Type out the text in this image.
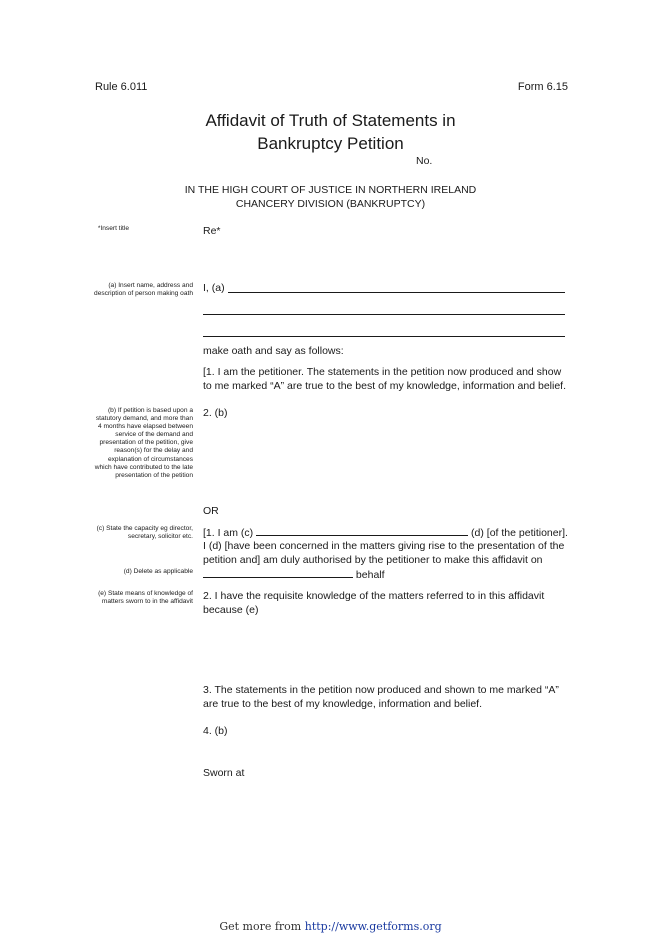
Rule 6.011	Form 6.15
Affidavit of Truth of Statements in
Bankruptcy Petition
No.
IN THE HIGH COURT OF JUSTICE IN NORTHERN IRELAND
CHANCERY DIVISION (BANKRUPTCY)
*Insert title
(a) Insert name, address and description of person making oath
(b) If petition is based upon a statutory demand, and more than 4 months have elapsed between service of the demand and presentation of the petition, give reason(s) for the delay and explanation of circumstances which have contributed to the late presentation of the petition
(c) State the capacity eg director, secretary, solicitor etc.
(d) Delete as applicable
(e) State means of knowledge of matters sworn to in the affidavit
Re*
I, (a)
make oath and say as follows:
[1. I am the petitioner. The statements in the petition now produced and show to me marked “A” are true to the best of my knowledge, information and belief.
2. (b)
OR
[1. I am (c)	(d) [of the petitioner].
I (d) [have been concerned in the matters giving rise to the presentation of the petition and] am duly authorised by the petitioner to make this affidavit on
behalf
2. I have the requisite knowledge of the matters referred to in this affidavit because (e)
3. The statements in the petition now produced and shown to me marked “A” are true to the best of my knowledge, information and belief.
4. (b)
Sworn at
Get more from http://www.getforms.org
